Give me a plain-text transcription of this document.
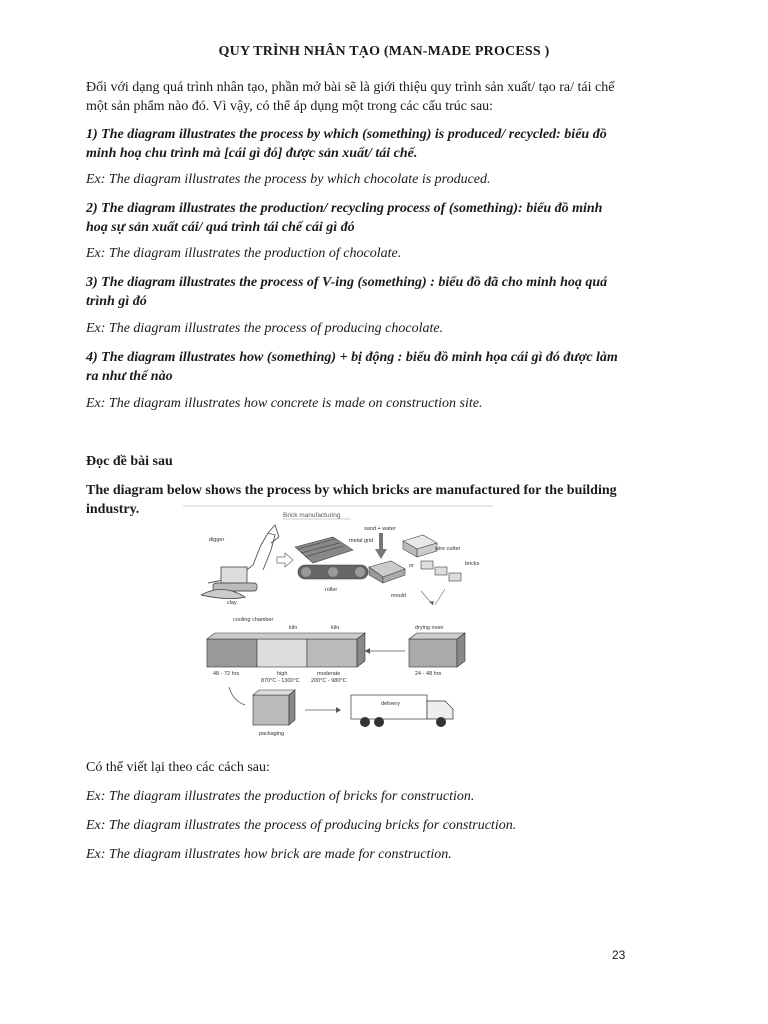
QUY TRÌNH NHÂN TẠO (MAN-MADE PROCESS )
Đối với dạng quá trình nhân tạo, phần mở bài sẽ là giới thiệu quy trình sản xuất/ tạo ra/ tái chế
một sản phẩm nào đó. Vì vậy, có thể áp dụng một trong các cấu trúc sau:
1) The diagram illustrates the process by which (something) is produced/ recycled: biểu đồ
minh hoạ chu trình mà [cái gì đó] được sản xuất/ tái chế.
Ex: The diagram illustrates the process by which chocolate is produced.
2) The diagram illustrates the production/ recycling process of (something): biểu đồ minh
hoạ sự sản xuất cái/ quá trình tái chế cái gì đó
Ex: The diagram illustrates the production of chocolate.
3) The diagram illustrates the process of V-ing (something) : biểu đồ đã cho minh hoạ quá
trình gì đó
Ex: The diagram illustrates the process of producing chocolate.
4) The diagram illustrates how (something) + bị động : biểu đồ minh họa cái gì đó được làm
ra như thế nào
Ex: The diagram illustrates how concrete is made on construction site.
Đọc đề bài sau
The diagram below shows the process by which bricks are manufactured for the building
industry.	Brick manufacturing
digger
clay
metal grid
roller
sand + water
mould
or
wire cutter
bricks
drying oven
24 - 48 hrs
cooling chamber
kiln	kiln
48 - 72 hrs	high
870°C - 1300°C
moderate
200°C - 980°C
packaging
delivery
Có thể viết lại theo các cách sau:
Ex: The diagram illustrates the production of bricks for construction.
Ex: The diagram illustrates the process of producing bricks for construction.
Ex: The diagram illustrates how brick are made for construction.
23
